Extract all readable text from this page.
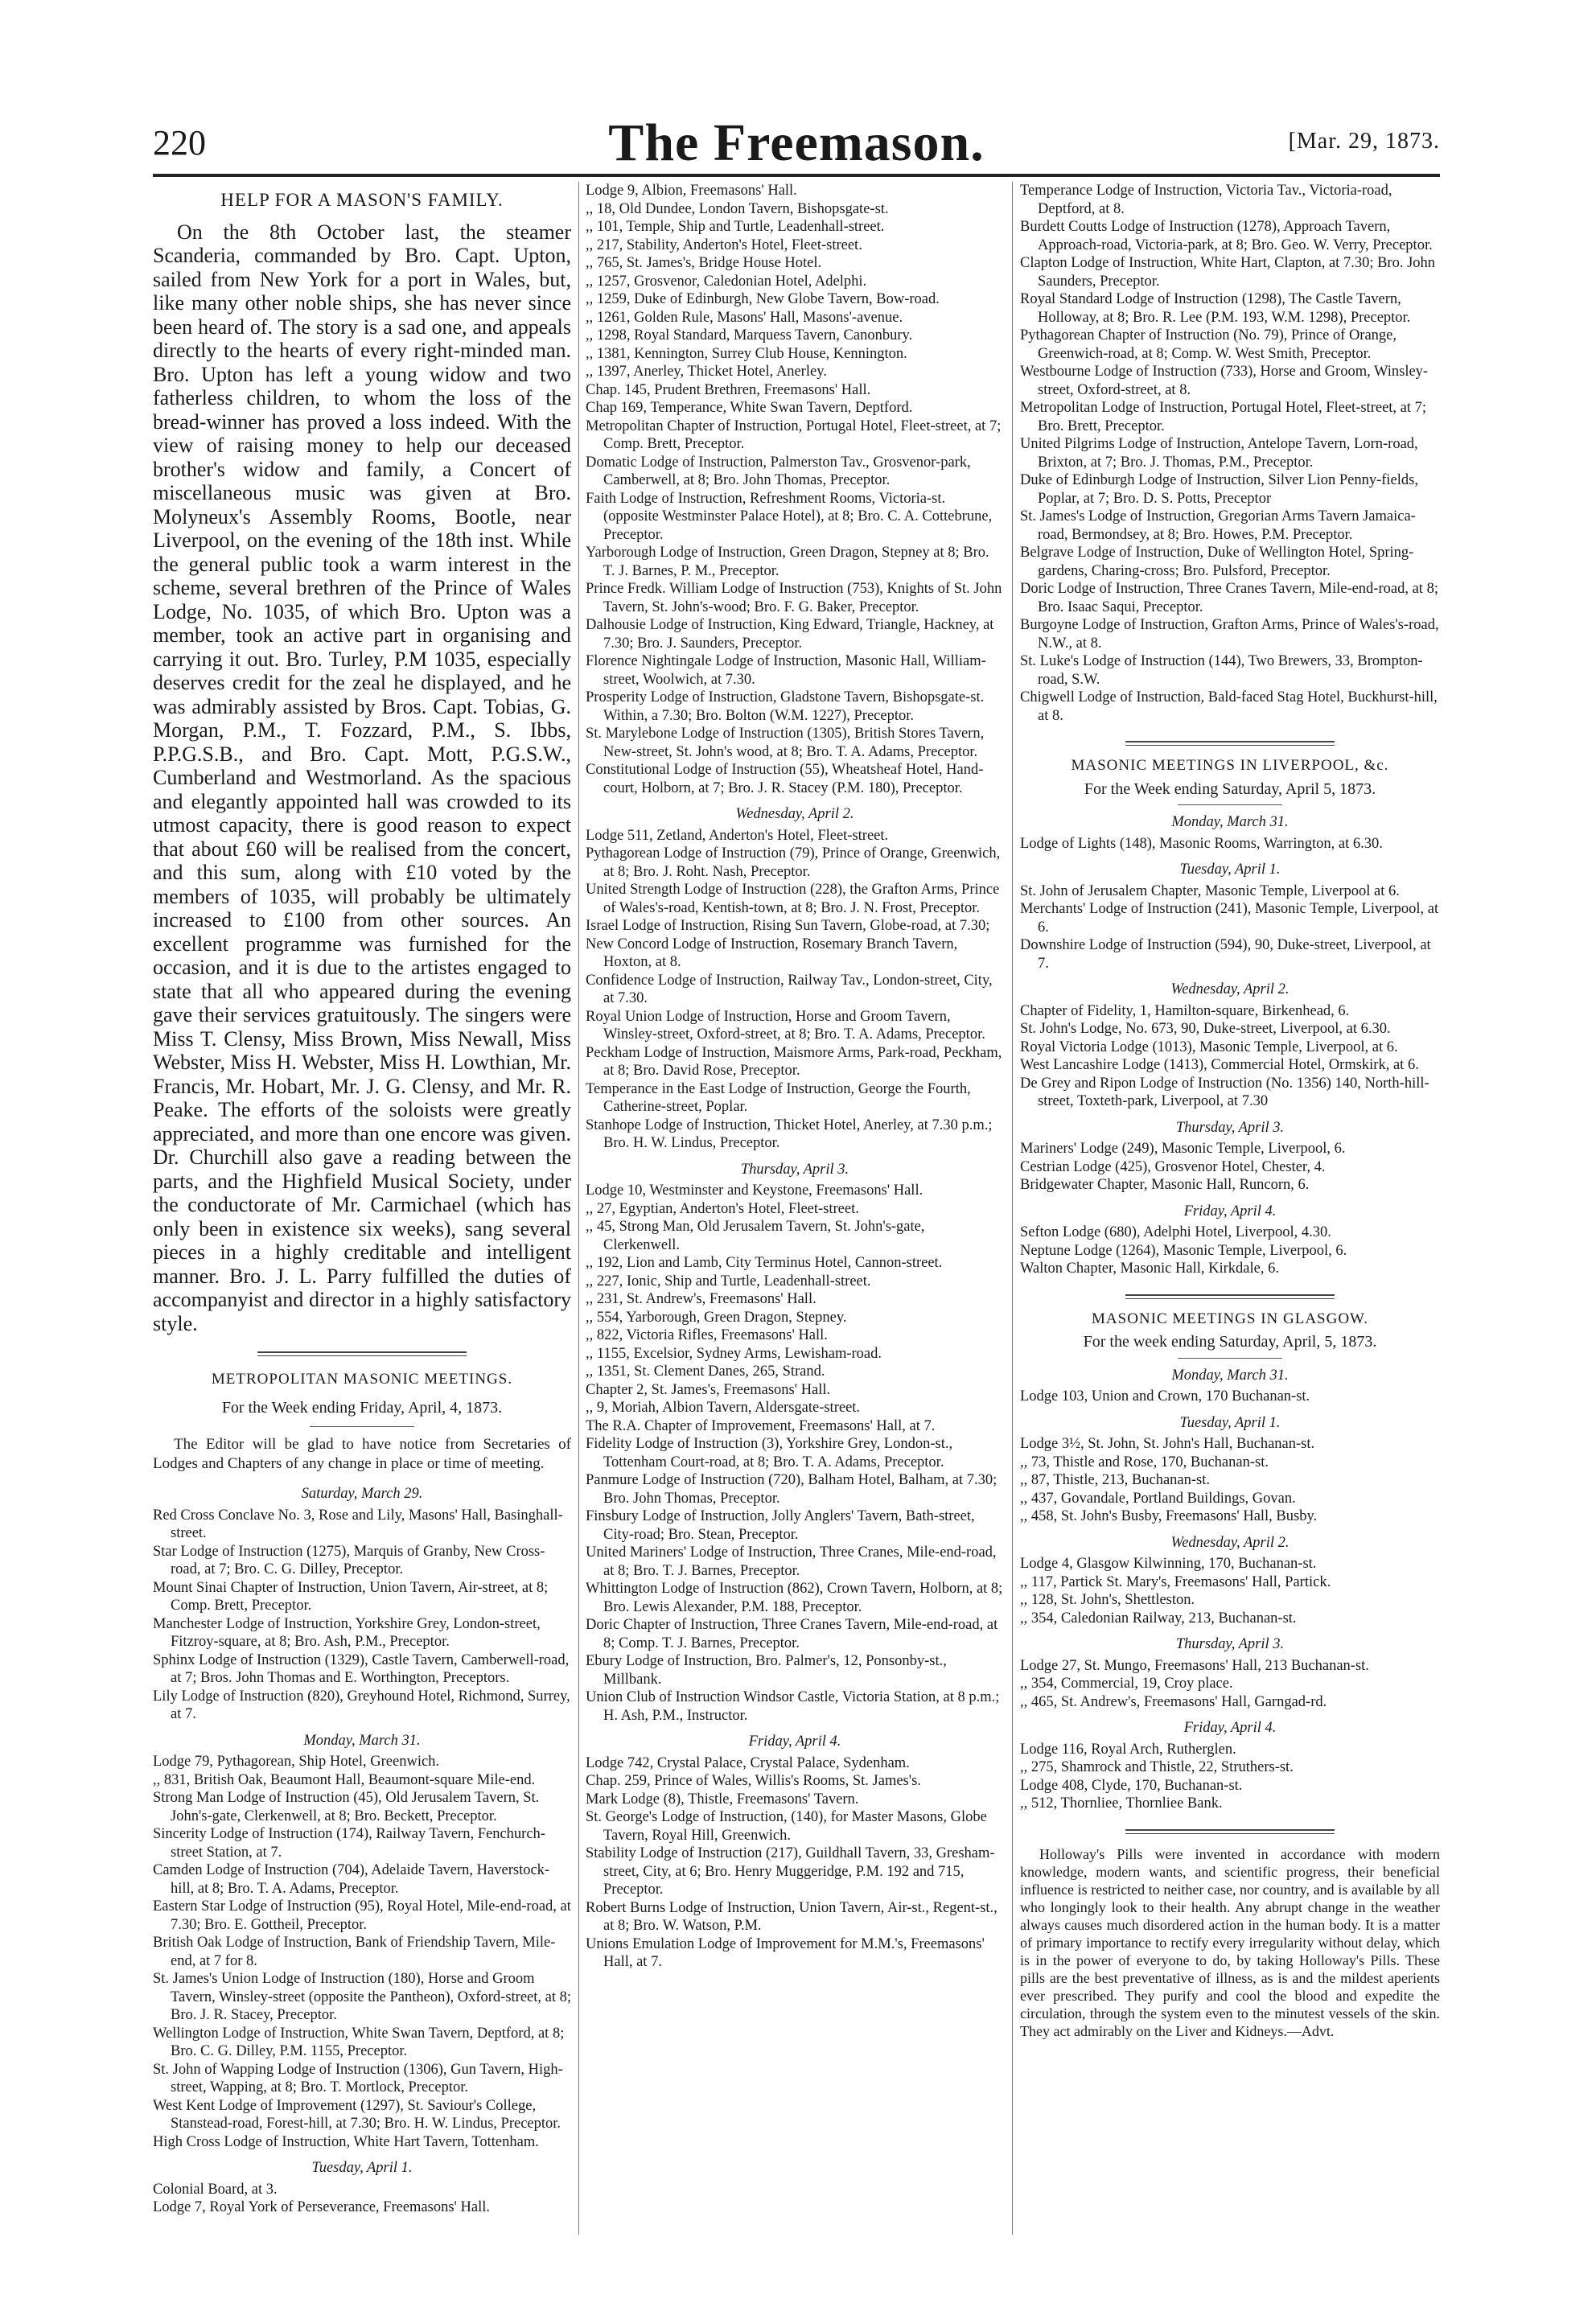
220	The Freemason.	[Mar. 29, 1873.
HELP FOR A MASON'S FAMILY.

On the 8th October last, the steamer Scanderia, commanded by Bro. Capt. Upton, sailed from New York for a port in Wales, but, like many other noble ships, she has never since been heard of. The story is a sad one, and appeals directly to the hearts of every right-minded man. Bro. Upton has left a young widow and two fatherless children, to whom the loss of the bread-winner has proved a loss indeed. With the view of raising money to help our deceased brother's widow and family, a Concert of miscellaneous music was given at Bro. Molyneux's Assembly Rooms, Bootle, near Liverpool, on the evening of the 18th inst. While the general public took a warm interest in the scheme, several brethren of the Prince of Wales Lodge, No. 1035, of which Bro. Upton was a member, took an active part in organising and carrying it out. Bro. Turley, P.M 1035, especially deserves credit for the zeal he displayed, and he was admirably assisted by Bros. Capt. Tobias, G. Morgan, P.M., T. Fozzard, P.M., S. Ibbs, P.P.G.S.B., and Bro. Capt. Mott, P.G.S.W., Cumberland and Westmorland. As the spacious and elegantly appointed hall was crowded to its utmost capacity, there is good reason to expect that about £60 will be realised from the concert, and this sum, along with £10 voted by the members of 1035, will probably be ultimately increased to £100 from other sources. An excellent programme was furnished for the occasion, and it is due to the artistes engaged to state that all who appeared during the evening gave their services gratuitously. The singers were Miss T. Clensy, Miss Brown, Miss Newall, Miss Webster, Miss H. Webster, Miss H. Lowthian, Mr. Francis, Mr. Hobart, Mr. J. G. Clensy, and Mr. R. Peake. The efforts of the soloists were greatly appreciated, and more than one encore was given. Dr. Churchill also gave a reading between the parts, and the Highfield Musical Society, under the conductorate of Mr. Carmichael (which has only been in existence six weeks), sang several pieces in a highly creditable and intelligent manner. Bro. J. L. Parry fulfilled the duties of accompanyist and director in a highly satisfactory style.

METROPOLITAN MASONIC MEETINGS.
For the Week ending Friday, April, 4, 1873.

The Editor will be glad to have notice from Secretaries of Lodges and Chapters of any change in place or time of meeting.

Saturday, March 29.

Red Cross Conclave No. 3, Rose and Lily, Masons' Hall, Basinghall-street.

Star Lodge of Instruction (1275), Marquis of Granby, New Cross-road, at 7; Bro. C. G. Dilley, Preceptor.

Mount Sinai Chapter of Instruction, Union Tavern, Air-street, at 8; Comp. Brett, Preceptor.

Manchester Lodge of Instruction, Yorkshire Grey, London-street, Fitzroy-square, at 8; Bro. Ash, P.M., Preceptor.

Sphinx Lodge of Instruction (1329), Castle Tavern, Camberwell-road, at 7; Bros. John Thomas and E. Worthington, Preceptors.

Lily Lodge of Instruction (820), Greyhound Hotel, Richmond, Surrey, at 7.

Monday, March 31.

Lodge 79, Pythagorean, Ship Hotel, Greenwich.

,, 831, British Oak, Beaumont Hall, Beaumont-square Mile-end.

Strong Man Lodge of Instruction (45), Old Jerusalem Tavern, St. John's-gate, Clerkenwell, at 8; Bro. Beckett, Preceptor.

Sincerity Lodge of Instruction (174), Railway Tavern, Fenchurch-street Station, at 7.

Camden Lodge of Instruction (704), Adelaide Tavern, Haverstock-hill, at 8; Bro. T. A. Adams, Preceptor.

Eastern Star Lodge of Instruction (95), Royal Hotel, Mile-end-road, at 7.30; Bro. E. Gottheil, Preceptor.

British Oak Lodge of Instruction, Bank of Friendship Tavern, Mile-end, at 7 for 8.

St. James's Union Lodge of Instruction (180), Horse and Groom Tavern, Winsley-street (opposite the Pantheon), Oxford-street, at 8; Bro. J. R. Stacey, Preceptor.

Wellington Lodge of Instruction, White Swan Tavern, Deptford, at 8; Bro. C. G. Dilley, P.M. 1155, Preceptor.

St. John of Wapping Lodge of Instruction (1306), Gun Tavern, High-street, Wapping, at 8; Bro. T. Mortlock, Preceptor.

West Kent Lodge of Improvement (1297), St. Saviour's College, Stanstead-road, Forest-hill, at 7.30; Bro. H. W. Lindus, Preceptor.

High Cross Lodge of Instruction, White Hart Tavern, Tottenham.

Tuesday, April 1.

Colonial Board, at 3.

Lodge 7, Royal York of Perseverance, Freemasons' Hall.

Lodge 9, Albion, Freemasons' Hall.

,, 18, Old Dundee, London Tavern, Bishopsgate-st.

,, 101, Temple, Ship and Turtle, Leadenhall-street.

,, 217, Stability, Anderton's Hotel, Fleet-street.

,, 765, St. James's, Bridge House Hotel.

,, 1257, Grosvenor, Caledonian Hotel, Adelphi.

,, 1259, Duke of Edinburgh, New Globe Tavern, Bow-road.

,, 1261, Golden Rule, Masons' Hall, Masons'-avenue.

,, 1298, Royal Standard, Marquess Tavern, Canonbury.

,, 1381, Kennington, Surrey Club House, Kennington.

,, 1397, Anerley, Thicket Hotel, Anerley.

Chap. 145, Prudent Brethren, Freemasons' Hall.

Chap 169, Temperance, White Swan Tavern, Deptford.

Metropolitan Chapter of Instruction, Portugal Hotel, Fleet-street, at 7; Comp. Brett, Preceptor.

Domatic Lodge of Instruction, Palmerston Tav., Grosvenor-park, Camberwell, at 8; Bro. John Thomas, Preceptor.

Faith Lodge of Instruction, Refreshment Rooms, Victoria-st. (opposite Westminster Palace Hotel), at 8; Bro. C. A. Cottebrune, Preceptor.

Yarborough Lodge of Instruction, Green Dragon, Stepney at 8; Bro. T. J. Barnes, P. M., Preceptor.

Prince Fredk. William Lodge of Instruction (753), Knights of St. John Tavern, St. John's-wood; Bro. F. G. Baker, Preceptor.

Dalhousie Lodge of Instruction, King Edward, Triangle, Hackney, at 7.30; Bro. J. Saunders, Preceptor.

Florence Nightingale Lodge of Instruction, Masonic Hall, William-street, Woolwich, at 7.30.

Prosperity Lodge of Instruction, Gladstone Tavern, Bishopsgate-st. Within, a 7.30; Bro. Bolton (W.M. 1227), Preceptor.

St. Marylebone Lodge of Instruction (1305), British Stores Tavern, New-street, St. John's wood, at 8; Bro. T. A. Adams, Preceptor.

Constitutional Lodge of Instruction (55), Wheatsheaf Hotel, Hand-court, Holborn, at 7; Bro. J. R. Stacey (P.M. 180), Preceptor.

Wednesday, April 2.

Lodge 511, Zetland, Anderton's Hotel, Fleet-street.

Pythagorean Lodge of Instruction (79), Prince of Orange, Greenwich, at 8; Bro. J. Roht. Nash, Preceptor.

United Strength Lodge of Instruction (228), the Grafton Arms, Prince of Wales's-road, Kentish-town, at 8; Bro. J. N. Frost, Preceptor.

Israel Lodge of Instruction, Rising Sun Tavern, Globe-road, at 7.30;

New Concord Lodge of Instruction, Rosemary Branch Tavern, Hoxton, at 8.

Confidence Lodge of Instruction, Railway Tav., London-street, City, at 7.30.

Royal Union Lodge of Instruction, Horse and Groom Tavern, Winsley-street, Oxford-street, at 8; Bro. T. A. Adams, Preceptor.

Peckham Lodge of Instruction, Maismore Arms, Park-road, Peckham, at 8; Bro. David Rose, Preceptor.

Temperance in the East Lodge of Instruction, George the Fourth, Catherine-street, Poplar.

Stanhope Lodge of Instruction, Thicket Hotel, Anerley, at 7.30 p.m.; Bro. H. W. Lindus, Preceptor.

Thursday, April 3.

Lodge 10, Westminster and Keystone, Freemasons' Hall.

,, 27, Egyptian, Anderton's Hotel, Fleet-street.

,, 45, Strong Man, Old Jerusalem Tavern, St. John's-gate, Clerkenwell.

,, 192, Lion and Lamb, City Terminus Hotel, Cannon-street.

,, 227, Ionic, Ship and Turtle, Leadenhall-street.

,, 231, St. Andrew's, Freemasons' Hall.

,, 554, Yarborough, Green Dragon, Stepney.

,, 822, Victoria Rifles, Freemasons' Hall.

,, 1155, Excelsior, Sydney Arms, Lewisham-road.

,, 1351, St. Clement Danes, 265, Strand.

Chapter 2, St. James's, Freemasons' Hall.

,, 9, Moriah, Albion Tavern, Aldersgate-street.

The R.A. Chapter of Improvement, Freemasons' Hall, at 7.

Fidelity Lodge of Instruction (3), Yorkshire Grey, London-st., Tottenham Court-road, at 8; Bro. T. A. Adams, Preceptor.

Panmure Lodge of Instruction (720), Balham Hotel, Balham, at 7.30; Bro. John Thomas, Preceptor.

Finsbury Lodge of Instruction, Jolly Anglers' Tavern, Bath-street, City-road; Bro. Stean, Preceptor.

United Mariners' Lodge of Instruction, Three Cranes, Mile-end-road, at 8; Bro. T. J. Barnes, Preceptor.

Whittington Lodge of Instruction (862), Crown Tavern, Holborn, at 8; Bro. Lewis Alexander, P.M. 188, Preceptor.

Doric Chapter of Instruction, Three Cranes Tavern, Mile-end-road, at 8; Comp. T. J. Barnes, Preceptor.

Ebury Lodge of Instruction, Bro. Palmer's, 12, Ponsonby-st., Millbank.

Union Club of Instruction Windsor Castle, Victoria Station, at 8 p.m.; H. Ash, P.M., Instructor.

Friday, April 4.

Lodge 742, Crystal Palace, Crystal Palace, Sydenham.

Chap. 259, Prince of Wales, Willis's Rooms, St. James's.

Mark Lodge (8), Thistle, Freemasons' Tavern.

St. George's Lodge of Instruction, (140), for Master Masons, Globe Tavern, Royal Hill, Greenwich.

Stability Lodge of Instruction (217), Guildhall Tavern, 33, Gresham-street, City, at 6; Bro. Henry Muggeridge, P.M. 192 and 715, Preceptor.

Robert Burns Lodge of Instruction, Union Tavern, Air-st., Regent-st., at 8; Bro. W. Watson, P.M.

Unions Emulation Lodge of Improvement for M.M.'s, Freemasons' Hall, at 7.

Temperance Lodge of Instruction, Victoria Tav., Victoria-road, Deptford, at 8.

Burdett Coutts Lodge of Instruction (1278), Approach Tavern, Approach-road, Victoria-park, at 8; Bro. Geo. W. Verry, Preceptor.

Clapton Lodge of Instruction, White Hart, Clapton, at 7.30; Bro. John Saunders, Preceptor.

Royal Standard Lodge of Instruction (1298), The Castle Tavern, Holloway, at 8; Bro. R. Lee (P.M. 193, W.M. 1298), Preceptor.

Pythagorean Chapter of Instruction (No. 79), Prince of Orange, Greenwich-road, at 8; Comp. W. West Smith, Preceptor.

Westbourne Lodge of Instruction (733), Horse and Groom, Winsley-street, Oxford-street, at 8.

Metropolitan Lodge of Instruction, Portugal Hotel, Fleet-street, at 7; Bro. Brett, Preceptor.

United Pilgrims Lodge of Instruction, Antelope Tavern, Lorn-road, Brixton, at 7; Bro. J. Thomas, P.M., Preceptor.

Duke of Edinburgh Lodge of Instruction, Silver Lion Penny-fields, Poplar, at 7; Bro. D. S. Potts, Preceptor

St. James's Lodge of Instruction, Gregorian Arms Tavern Jamaica-road, Bermondsey, at 8; Bro. Howes, P.M. Preceptor.

Belgrave Lodge of Instruction, Duke of Wellington Hotel, Spring-gardens, Charing-cross; Bro. Pulsford, Preceptor.

Doric Lodge of Instruction, Three Cranes Tavern, Mile-end-road, at 8; Bro. Isaac Saqui, Preceptor.

Burgoyne Lodge of Instruction, Grafton Arms, Prince of Wales's-road, N.W., at 8.

St. Luke's Lodge of Instruction (144), Two Brewers, 33, Brompton-road, S.W.

Chigwell Lodge of Instruction, Bald-faced Stag Hotel, Buckhurst-hill, at 8.

MASONIC MEETINGS IN LIVERPOOL, &c.
For the Week ending Saturday, April 5, 1873.
Monday, March 31.

Lodge of Lights (148), Masonic Rooms, Warrington, at 6.30.

Tuesday, April 1.

St. John of Jerusalem Chapter, Masonic Temple, Liverpool at 6.

Merchants' Lodge of Instruction (241), Masonic Temple, Liverpool, at 6.

Downshire Lodge of Instruction (594), 90, Duke-street, Liverpool, at 7.

Wednesday, April 2.

Chapter of Fidelity, 1, Hamilton-square, Birkenhead, 6.

St. John's Lodge, No. 673, 90, Duke-street, Liverpool, at 6.30.

Royal Victoria Lodge (1013), Masonic Temple, Liverpool, at 6.

West Lancashire Lodge (1413), Commercial Hotel, Ormskirk, at 6.

De Grey and Ripon Lodge of Instruction (No. 1356) 140, North-hill-street, Toxteth-park, Liverpool, at 7.30

Thursday, April 3.

Mariners' Lodge (249), Masonic Temple, Liverpool, 6.

Cestrian Lodge (425), Grosvenor Hotel, Chester, 4.

Bridgewater Chapter, Masonic Hall, Runcorn, 6.

Friday, April 4.

Sefton Lodge (680), Adelphi Hotel, Liverpool, 4.30.

Neptune Lodge (1264), Masonic Temple, Liverpool, 6.

Walton Chapter, Masonic Hall, Kirkdale, 6.

MASONIC MEETINGS IN GLASGOW.
For the week ending Saturday, April, 5, 1873.
Monday, March 31.

Lodge 103, Union and Crown, 170 Buchanan-st.

Tuesday, April 1.

Lodge 3½, St. John, St. John's Hall, Buchanan-st.

,, 73, Thistle and Rose, 170, Buchanan-st.

,, 87, Thistle, 213, Buchanan-st.

,, 437, Govandale, Portland Buildings, Govan.

,, 458, St. John's Busby, Freemasons' Hall, Busby.

Wednesday, April 2.

Lodge 4, Glasgow Kilwinning, 170, Buchanan-st.

,, 117, Partick St. Mary's, Freemasons' Hall, Partick.

,, 128, St. John's, Shettleston.

,, 354, Caledonian Railway, 213, Buchanan-st.

Thursday, April 3.

Lodge 27, St. Mungo, Freemasons' Hall, 213 Buchanan-st.

,, 354, Commercial, 19, Croy place.

,, 465, St. Andrew's, Freemasons' Hall, Garngad-rd.

Friday, April 4.

Lodge 116, Royal Arch, Rutherglen.

,, 275, Shamrock and Thistle, 22, Struthers-st.

Lodge 408, Clyde, 170, Buchanan-st.

,, 512, Thornliee, Thornliee Bank.

Holloway's Pills were invented in accordance with modern knowledge, modern wants, and scientific progress, their beneficial influence is restricted to neither case, nor country, and is available by all who longingly look to their health. Any abrupt change in the weather always causes much disordered action in the human body. It is a matter of primary importance to rectify every irregularity without delay, which is in the power of everyone to do, by taking Holloway's Pills. These pills are the best preventative of illness, as is and the mildest aperients ever prescribed. They purify and cool the blood and expedite the circulation, through the system even to the minutest vessels of the skin. They act admirably on the Liver and Kidneys.—Advt.
